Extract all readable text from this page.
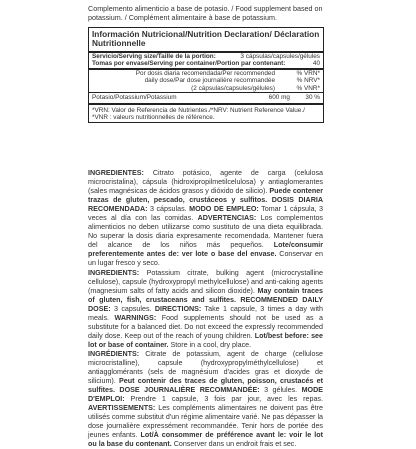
Complemento alimenticio a base de potasio. / Food supplement based on potassium. / Complément alimentaire à base de potassium.
Información Nutricional/Nutrition Declaration/ Déclaration Nutritionnelle
Servicio/Serving size/Taille de la portion:	3 cápsulas/capsules/gélules
Tomas por envase/Serving per container/Portion par contenant:	40
Por dosis diaria recomendada/Per recommended
daily dose/Par dose journalière recommandée
(2 cápsulas/capsules/gélules)
% VRN*
% NRV*
% VNR*
Potasio/Potassium/Potassium	600 mg	30 %
*VRN: Valor de Referencia de Nutrientes./*NRV: Nutrient Reference Value./ *VNR : valeurs nutritionnelles de référence.

INGREDIENTES: Citrato potásico, agente de carga (celulosa microcristalina), cápsula (hidroxipropilmetilcelulosa) y antiaglomerantes (sales magnésicas de ácidos grasos y dióxido de silicio). Puede contener trazas de gluten, pescado, crustáceos y sulfitos. DOSIS DIARIA RECOMENDADA: 3 cápsulas. MODO DE EMPLEO: Tomar 1 cápsula, 3 veces al día con las comidas. ADVERTENCIAS: Los complementos alimenticios no deben utilizarse como sustituto de una dieta equilibrada. No superar la dosis diaria expresamente recomendada. Mantener fuera del alcance de los niños más pequeños. Lote/consumir preferentemente antes de: ver lote o base del envase. Conservar en un lugar fresco y seco.

INGREDIENTS: Potassium citrate, bulking agent (microcrystalline cellulose), capsule (hydroxypropyl methylcellulose) and anti-caking agents (magnesium salts of fatty acids and silicon dioxide). May contain traces of gluten, fish, crustaceans and sulfites. RECOMMENDED DAILY DOSE: 3 capsules. DIRECTIONS: Take 1 capsule, 3 times a day with meals. WARNINGS: Food supplements should not be used as a substitute for a balanced diet. Do not exceed the expressly recommended daily dose. Keep out of the reach of young children. Lot/best before: see lot or base of container. Store in a cool, dry place.

INGRÉDIENTS: Citrate de potassium, agent de charge (cellulose microcristalline), capsule (hydroxypropylméthylcellulose) et antiagglomérants (sels de magnésium d'acides gras et dioxyde de silicium). Peut contenir des traces de gluten, poisson, crustacés et sulfites. DOSE JOURNALIÈRE RECOMMANDÉE: 3 gélules. MODE D'EMPLOI: Prendre 1 capsule, 3 fois par jour, avec les repas. AVERTISSEMENTS: Les compléments alimentaires ne doivent pas être utilisés comme substitut d'un régime alimentaire varié. Ne pas dépasser la dose journalière expressément recommandée. Tenir hors de portée des jeunes enfants. Lot/À consommer de préférence avant le: voir le lot ou la base du contenant. Conserver dans un endroit frais et sec.
